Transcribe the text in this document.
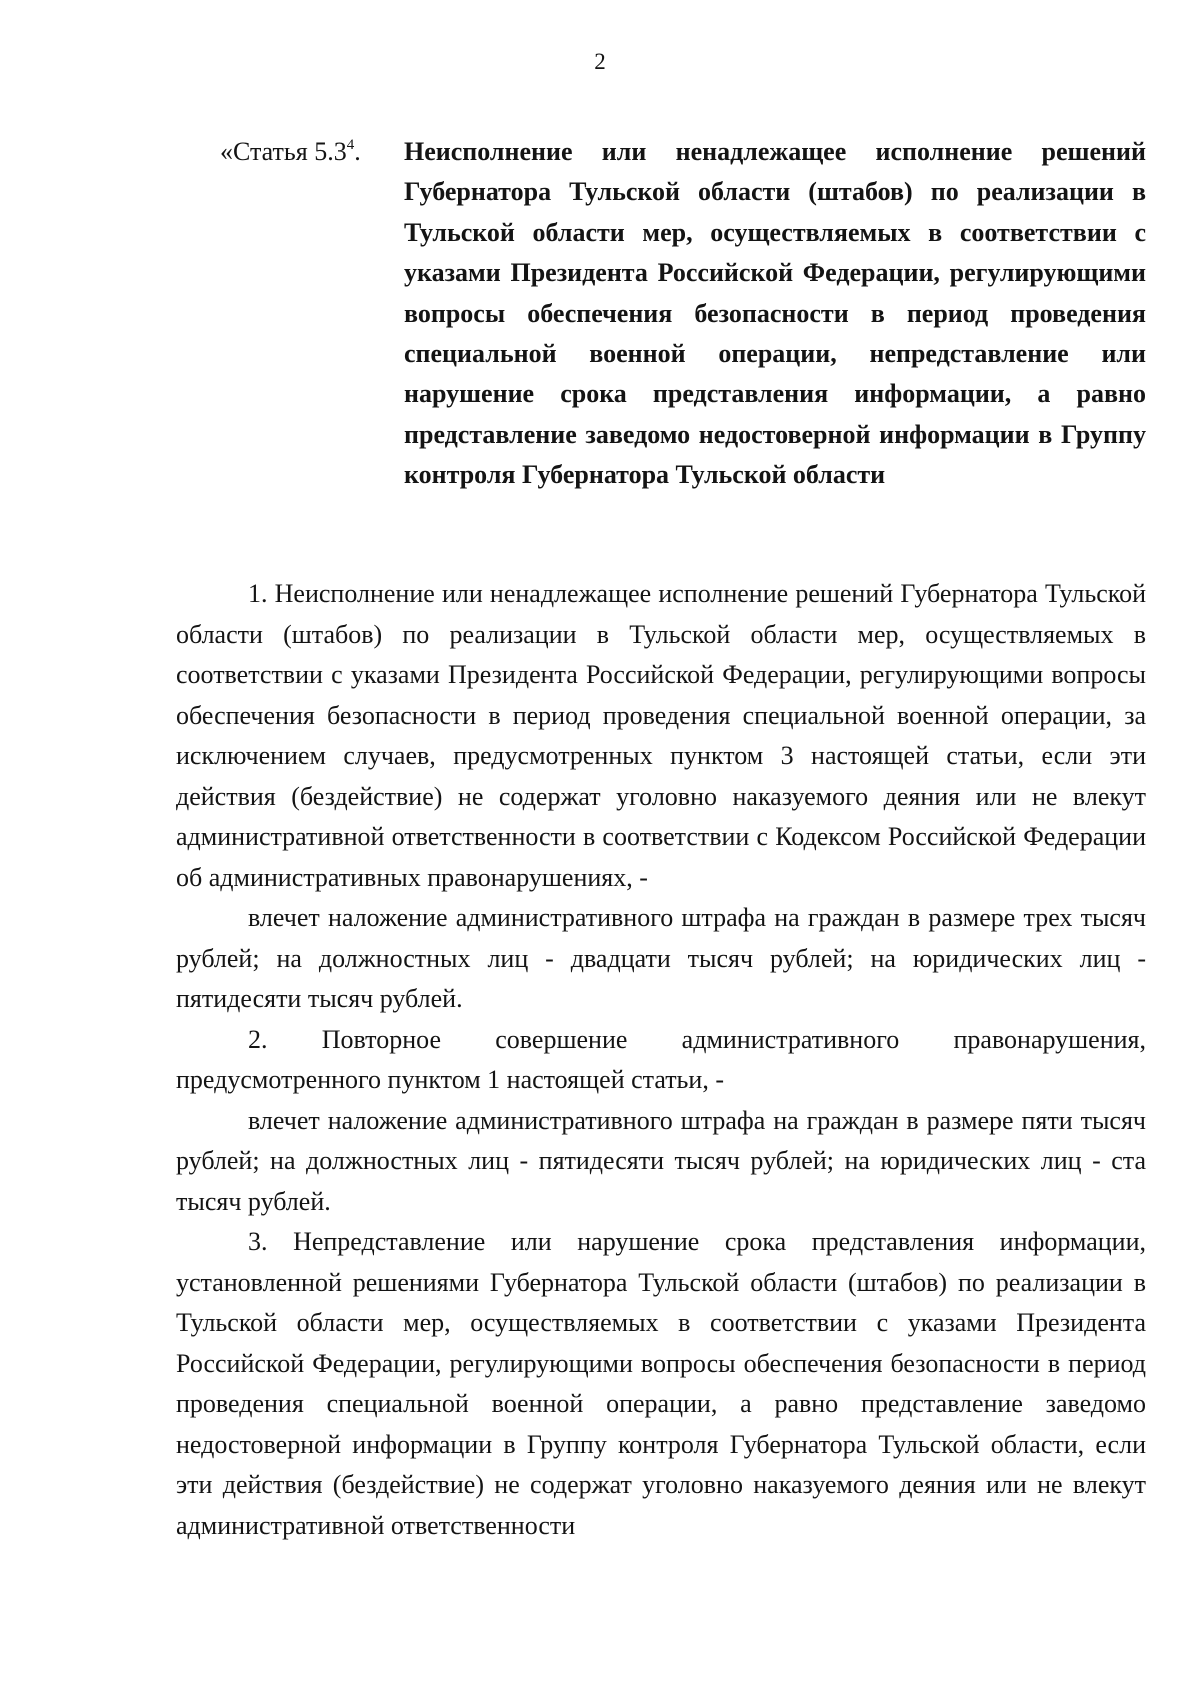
2
«Статья $5.3^4$. Неисполнение или ненадлежащее исполнение решений Губернатора Тульской области (штабов) по реализации в Тульской области мер, осуществляемых в соответствии с указами Президента Российской Федерации, регулирующими вопросы обеспечения безопасности в период проведения специальной военной операции, непредставление или нарушение срока представления информации, а равно представление заведомо недостоверной информации в Группу контроля Губернатора Тульской области

1. Неисполнение или ненадлежащее исполнение решений Губернатора Тульской области (штабов) по реализации в Тульской области мер, осуществляемых в соответствии с указами Президента Российской Федерации, регулирующими вопросы обеспечения безопасности в период проведения специальной военной операции, за исключением случаев, предусмотренных пунктом 3 настоящей статьи, если эти действия (бездействие) не содержат уголовно наказуемого деяния или не влекут административной ответственности в соответствии с Кодексом Российской Федерации об административных правонарушениях, -

влечет наложение административного штрафа на граждан в размере трех тысяч рублей; на должностных лиц - двадцати тысяч рублей; на юридических лиц - пятидесяти тысяч рублей.

2. Повторное совершение административного правонарушения, предусмотренного пунктом 1 настоящей статьи, -

влечет наложение административного штрафа на граждан в размере пяти тысяч рублей; на должностных лиц - пятидесяти тысяч рублей; на юридических лиц - ста тысяч рублей.

3. Непредставление или нарушение срока представления информации, установленной решениями Губернатора Тульской области (штабов) по реализации в Тульской области мер, осуществляемых в соответствии с указами Президента Российской Федерации, регулирующими вопросы обеспечения безопасности в период проведения специальной военной операции, а равно представление заведомо недостоверной информации в Группу контроля Губернатора Тульской области, если эти действия (бездействие) не содержат уголовно наказуемого деяния или не влекут административной ответственности
